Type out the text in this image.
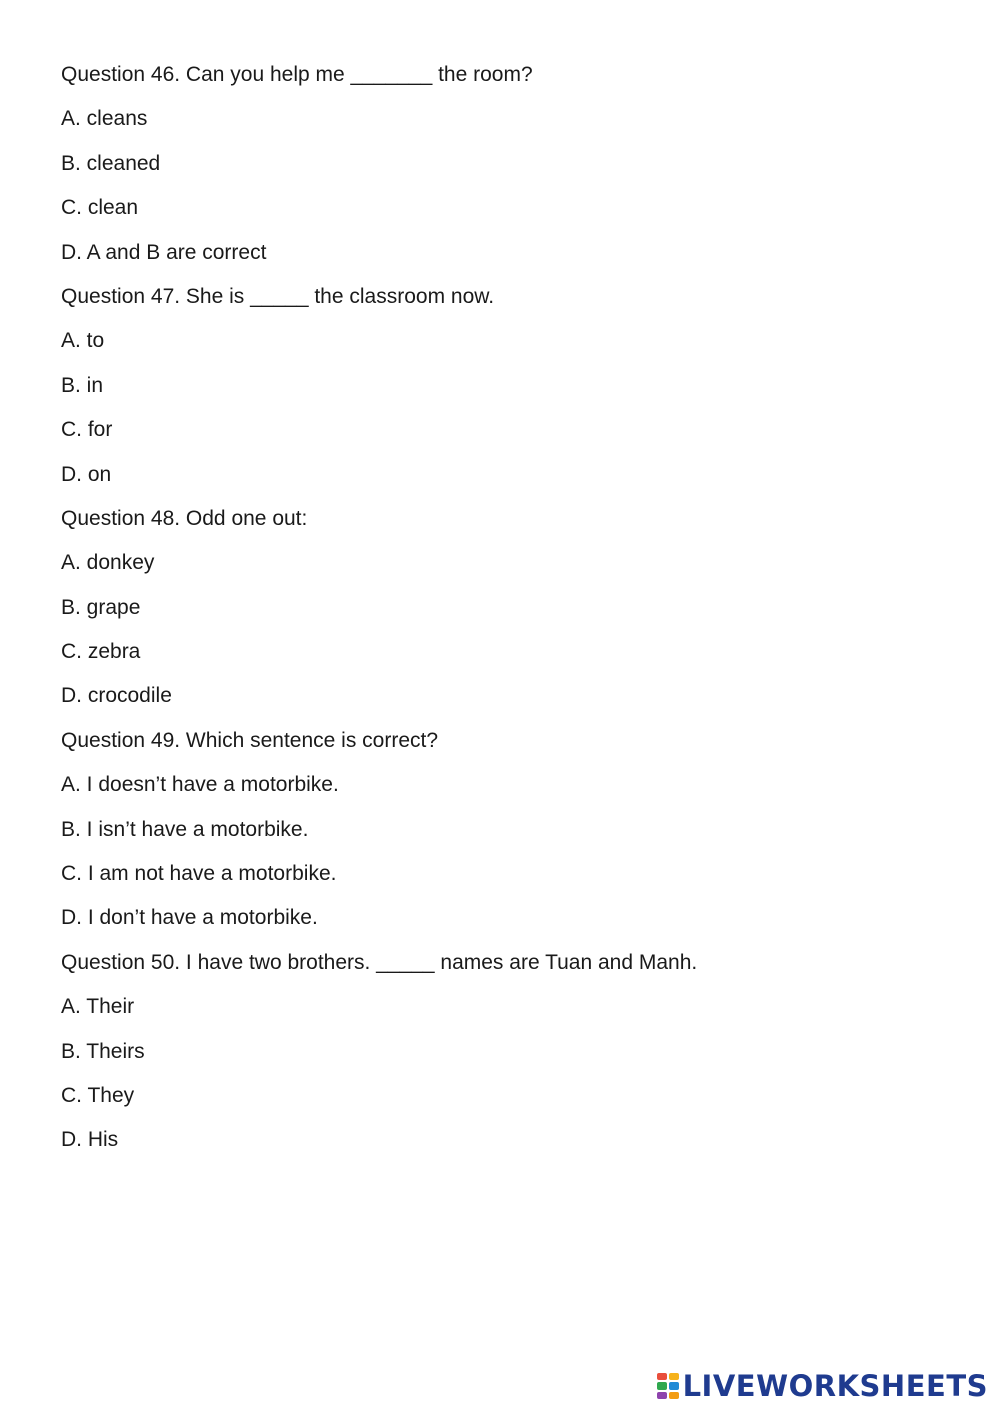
Question 46. Can you help me _______ the room?
A. cleans
B. cleaned
C. clean
D. A and B are correct
Question 47. She is _____ the classroom now.
A. to
B. in
C. for
D. on
Question 48. Odd one out:
A. donkey
B. grape
C. zebra
D. crocodile
Question 49. Which sentence is correct?
A. I doesn’t have a motorbike.
B. I isn’t have a motorbike.
C. I am not have a motorbike.
D. I don’t have a motorbike.
Question 50. I have two brothers. _____ names are Tuan and Manh.
A. Their
B. Theirs
C. They
D. His
LIVEWORKSHEETS
